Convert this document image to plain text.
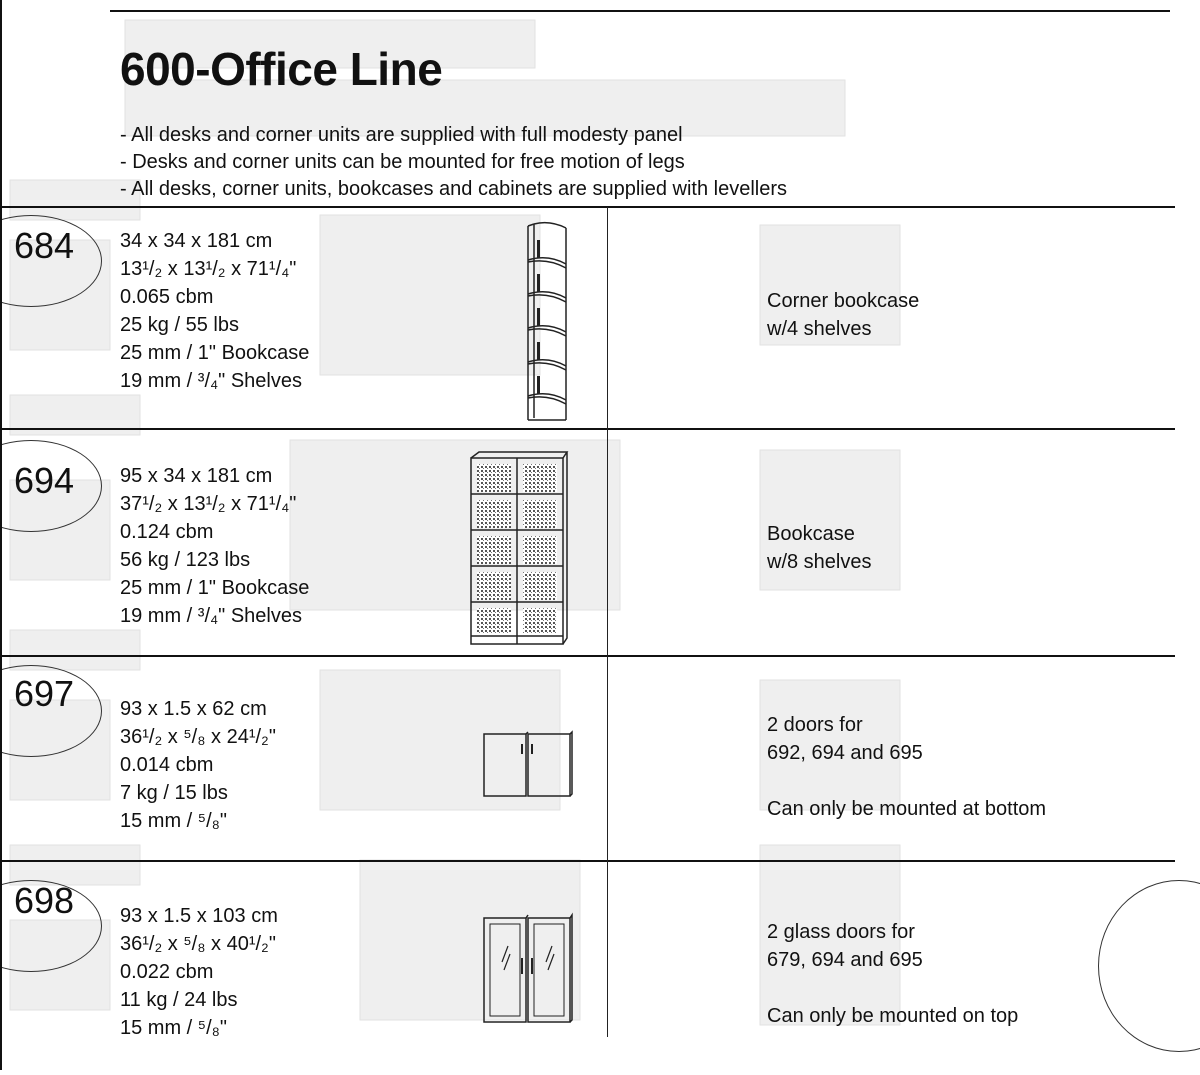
600-Office Line
- All desks and corner units are supplied with full modesty panel
- Desks and corner units can be mounted for free motion of legs
- All desks, corner units, bookcases and cabinets are supplied with levellers
684 34 x 34 x 181 cm
13¹/₂ x 13¹/₂ x 71¹/₄"
0.065 cbm
25 kg / 55 lbs
25 mm / 1" Bookcase
19 mm / ³/₄" Shelves

Corner bookcase

w/4 shelves

694 95 x 34 x 181 cm
37¹/₂ x 13¹/₂ x 71¹/₄"
0.124 cbm
56 kg / 123 lbs
25 mm / 1" Bookcase
19 mm / ³/₄" Shelves

Bookcase

w/8 shelves

697 93 x 1.5 x 62 cm
36¹/₂ x ⁵/₈ x 24¹/₂"
0.014 cbm
7 kg / 15 lbs
15 mm / ⁵/₈"

2 doors for

692, 694 and 695

Can only be mounted at bottom

698 93 x 1.5 x 103 cm
36¹/₂ x ⁵/₈ x 40¹/₂"
0.022 cbm
11 kg / 24 lbs
15 mm / ⁵/₈"

2 glass doors for

679, 694 and 695

Can only be mounted on top
